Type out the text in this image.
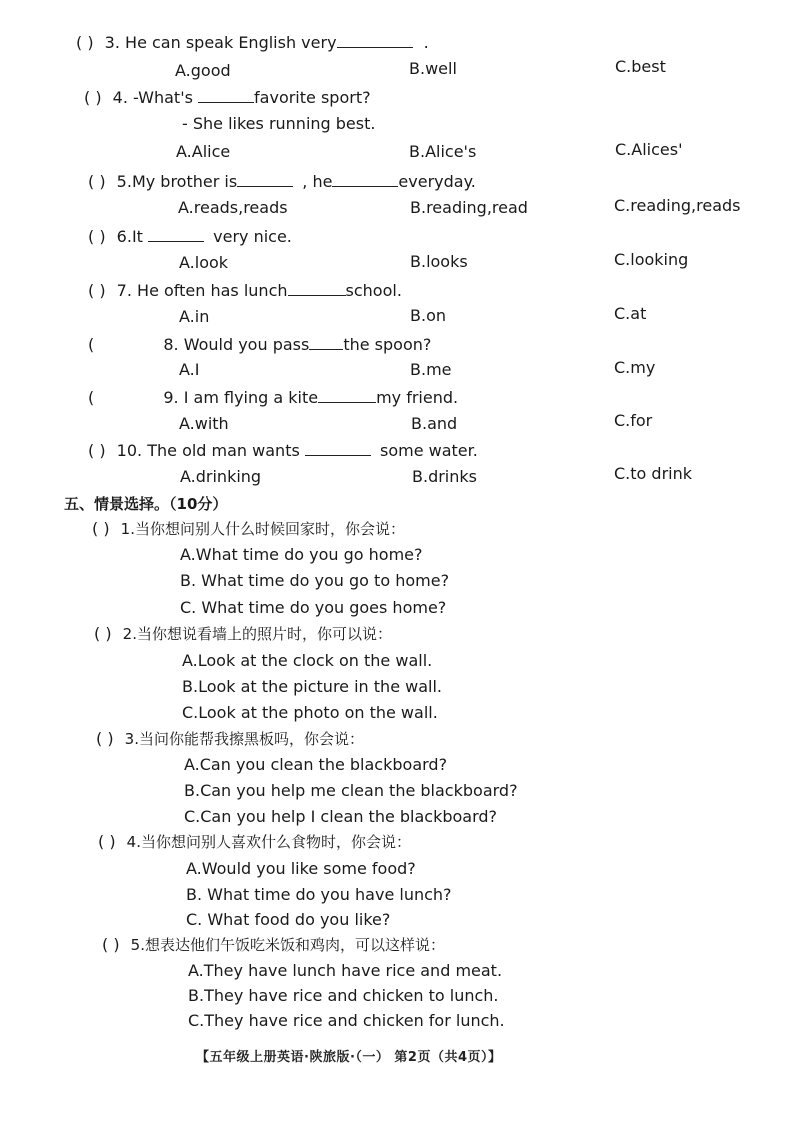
( ) 3. He can speak English very	.
A.good	B.well	C.best
( ) 4. -What's	favorite sport?
- She likes running best.
A.Alice	B.Alice's	C.Alices'
( ) 5.My brother is	, he	everyday.
A.reads,reads	B.reading,read	C.reading,reads
( ) 6.It	very nice.
A.look	B.looks	C.looking
( ) 7. He often has lunch	school.
A.in	B.on	C.at
(	8. Would you pass the spoon?
A.I	B.me	C.my
(	9. I am flying a kite	my friend.
A.with	B.and	C.for
( ) 10. The old man wants	some water.
A.drinking	B.drinks	C.to drink
五、情景选择。（10分）
( ) 1.当你想问别人什么时候回家时，你会说：
A.What time do you go home?
B. What time do you go to home?
C. What time do you goes home?
( ) 2.当你想说看墙上的照片时，你可以说：
A.Look at the clock on the wall.
B.Look at the picture in the wall.
C.Look at the photo on the wall.
( ) 3.当问你能帮我擦黑板吗，你会说：
A.Can you clean the blackboard?
B.Can you help me clean the blackboard?
C.Can you help I clean the blackboard?
( ) 4.当你想问别人喜欢什么食物时，你会说：
A.Would you like some food?
B. What time do you have lunch?
C. What food do you like?
( ) 5.想表达他们午饭吃米饭和鸡肉，可以这样说：
A.They have lunch have rice and meat.
B.They have rice and chicken to lunch.
C.They have rice and chicken for lunch.
【五年级上册英语·陕旅版·（一） 第2页（共4页）】
